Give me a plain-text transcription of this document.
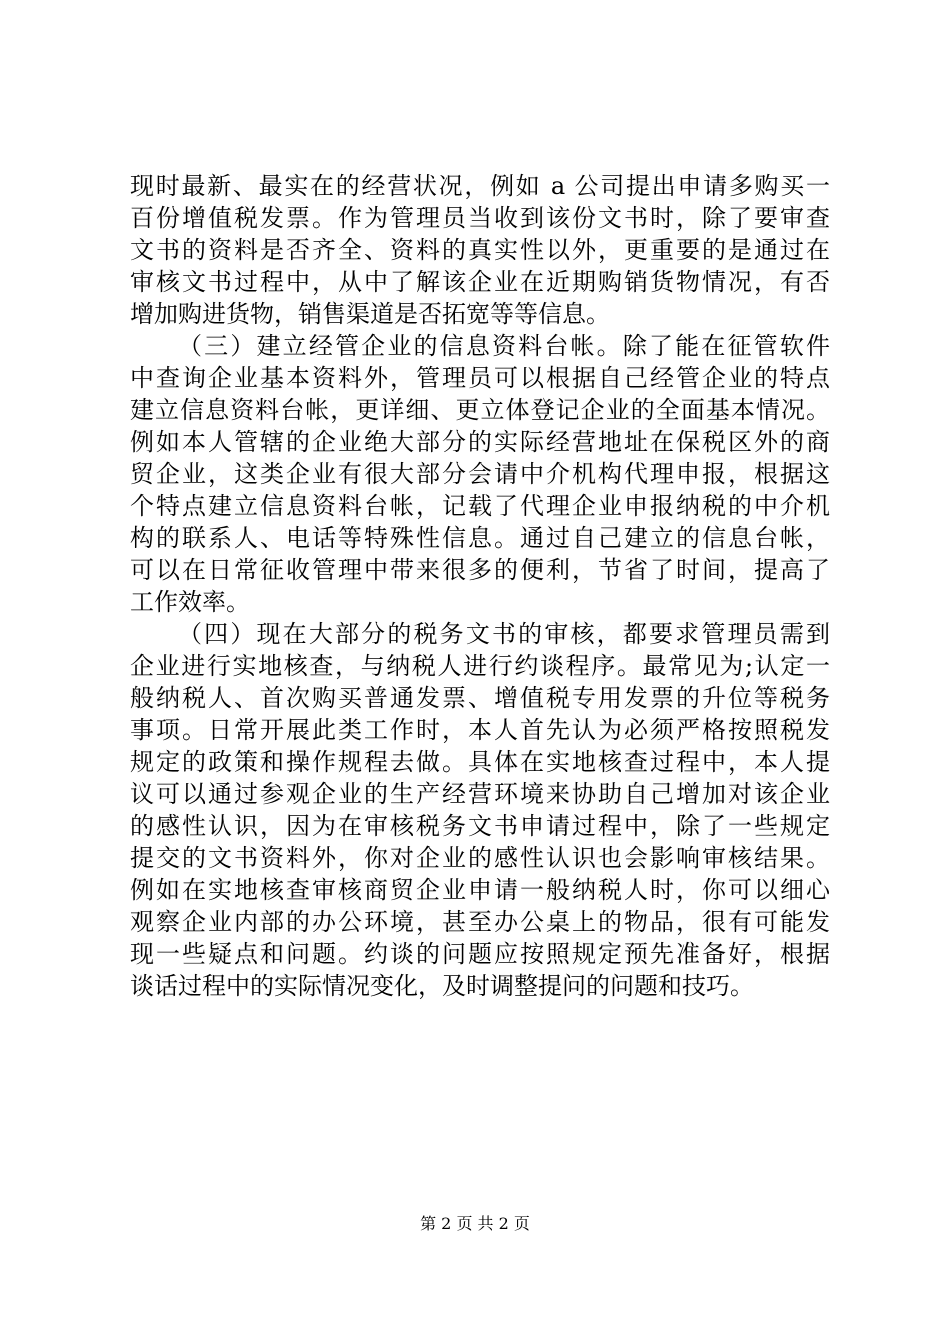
现时最新、最实在的经营状况，例如 a 公司提出申请多购买一
百份增值税发票。作为管理员当收到该份文书时，除了要审查
文书的资料是否齐全、资料的真实性以外，更重要的是通过在
审核文书过程中，从中了解该企业在近期购销货物情况，有否
增加购进货物，销售渠道是否拓宽等等信息。
（三）建立经管企业的信息资料台帐。除了能在征管软件
中查询企业基本资料外，管理员可以根据自己经管企业的特点
建立信息资料台帐，更详细、更立体登记企业的全面基本情况。
例如本人管辖的企业绝大部分的实际经营地址在保税区外的商
贸企业，这类企业有很大部分会请中介机构代理申报，根据这
个特点建立信息资料台帐，记载了代理企业申报纳税的中介机
构的联系人、电话等特殊性信息。通过自己建立的信息台帐，
可以在日常征收管理中带来很多的便利，节省了时间，提高了
工作效率。
（四）现在大部分的税务文书的审核，都要求管理员需到
企业进行实地核查，与纳税人进行约谈程序。最常见为;认定一
般纳税人、首次购买普通发票、增值税专用发票的升位等税务
事项。日常开展此类工作时，本人首先认为必须严格按照税发
规定的政策和操作规程去做。具体在实地核查过程中，本人提
议可以通过参观企业的生产经营环境来协助自己增加对该企业
的感性认识，因为在审核税务文书申请过程中，除了一些规定
提交的文书资料外，你对企业的感性认识也会影响审核结果。
例如在实地核查审核商贸企业申请一般纳税人时，你可以细心
观察企业内部的办公环境，甚至办公桌上的物品，很有可能发
现一些疑点和问题。约谈的问题应按照规定预先准备好，根据
谈话过程中的实际情况变化，及时调整提问的问题和技巧。
第 2 页 共 2 页
